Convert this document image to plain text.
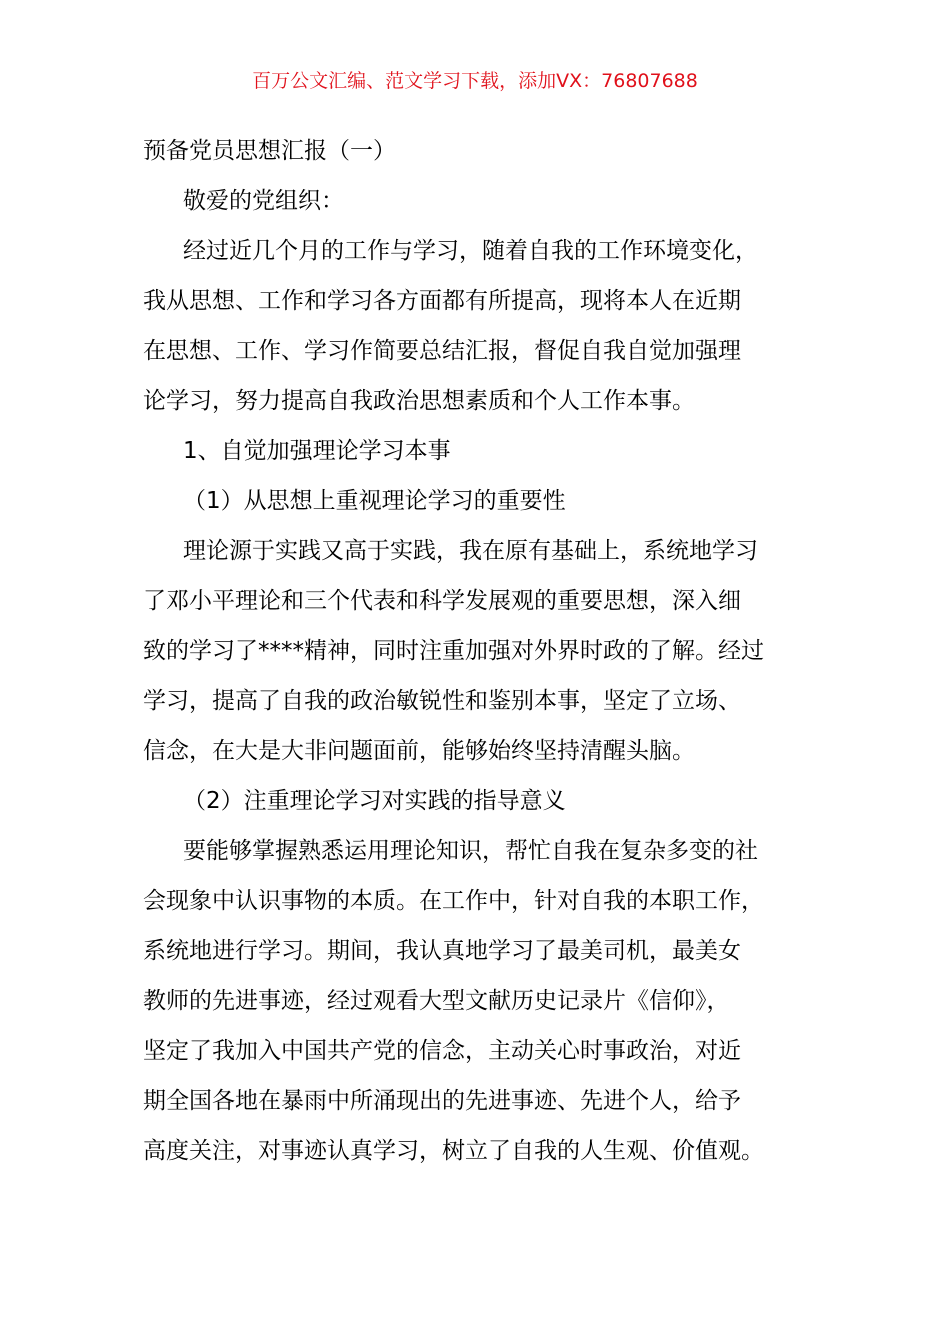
百万公文汇编、范文学习下载，添加VX：76807688
预备党员思想汇报（一）
敬爱的党组织：
经过近几个月的工作与学习，随着自我的工作环境变化，
我从思想、工作和学习各方面都有所提高，现将本人在近期
在思想、工作、学习作简要总结汇报，督促自我自觉加强理
论学习，努力提高自我政治思想素质和个人工作本事。
1、自觉加强理论学习本事
（1）从思想上重视理论学习的重要性
理论源于实践又高于实践，我在原有基础上，系统地学习
了邓小平理论和三个代表和科学发展观的重要思想，深入细
致的学习了****精神，同时注重加强对外界时政的了解。经过
学习，提高了自我的政治敏锐性和鉴别本事，坚定了立场、
信念，在大是大非问题面前，能够始终坚持清醒头脑。
（2）注重理论学习对实践的指导意义
要能够掌握熟悉运用理论知识，帮忙自我在复杂多变的社
会现象中认识事物的本质。在工作中，针对自我的本职工作，
系统地进行学习。期间，我认真地学习了最美司机，最美女
教师的先进事迹，经过观看大型文献历史记录片《信仰》，
坚定了我加入中国共产党的信念，主动关心时事政治，对近
期全国各地在暴雨中所涌现出的先进事迹、先进个人，给予
高度关注，对事迹认真学习，树立了自我的人生观、价值观。
